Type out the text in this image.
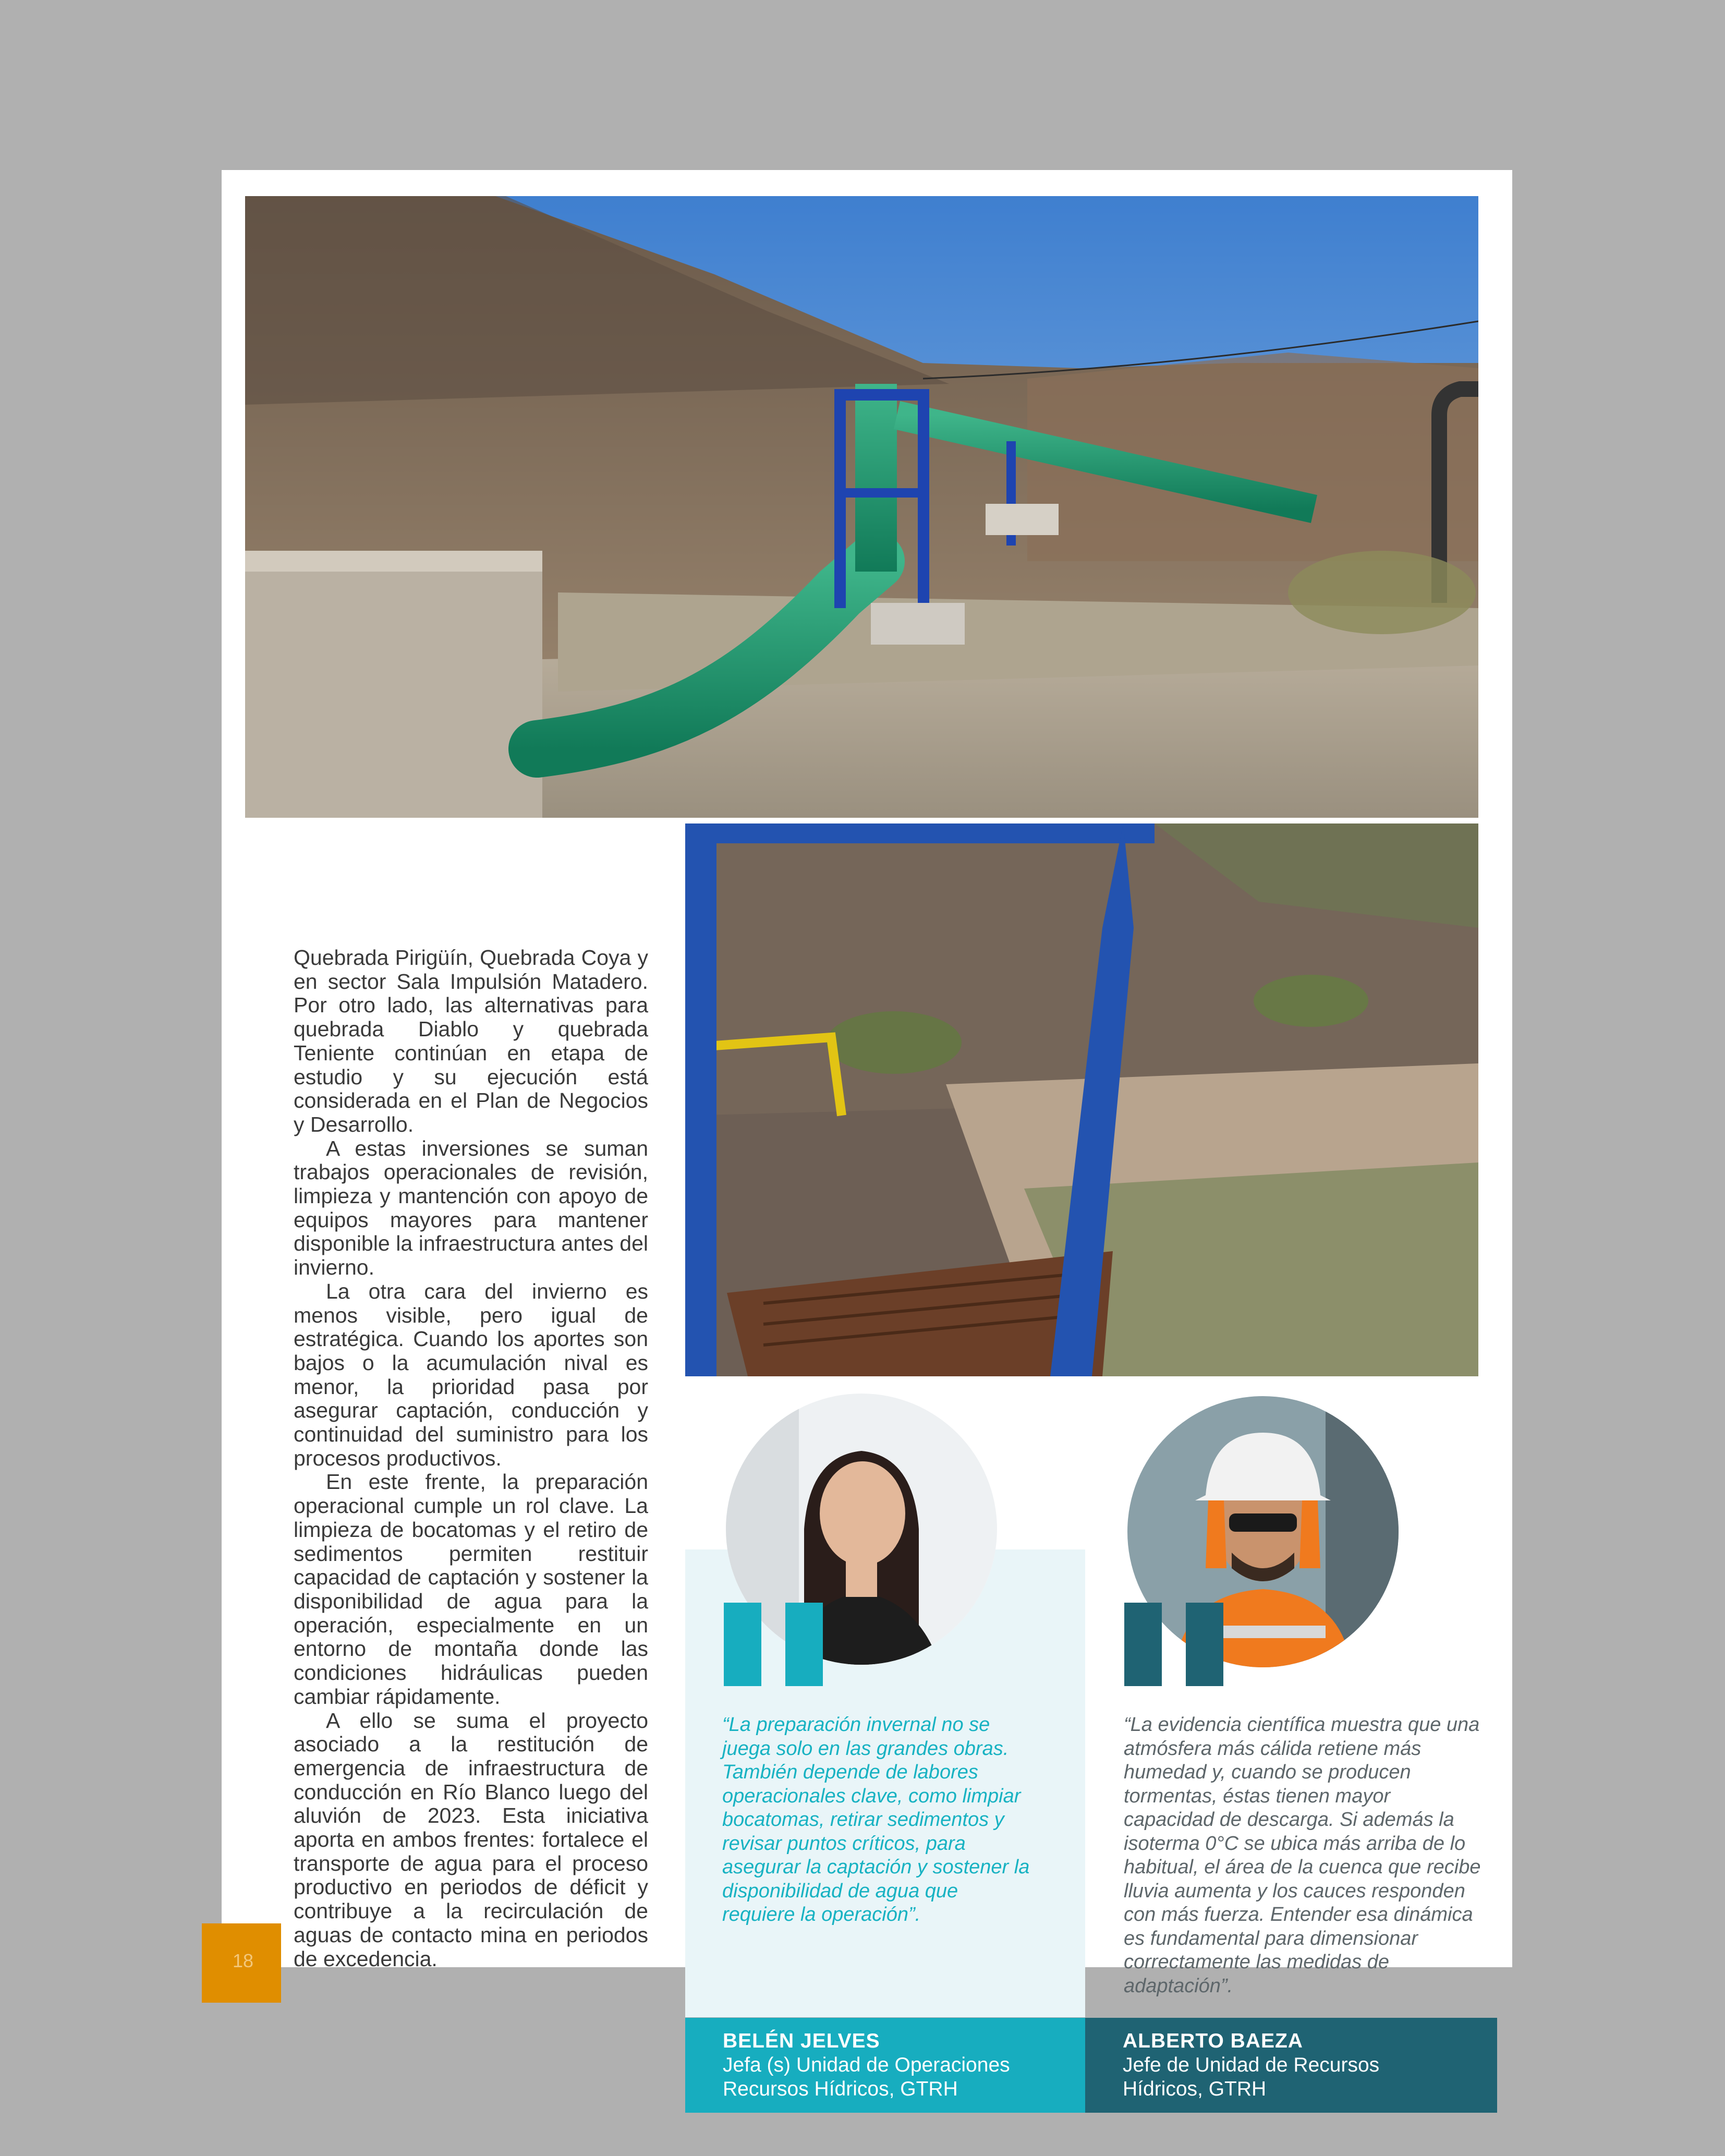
Quebrada Pirigüín, Quebrada Coya y en sector Sala Impulsión Matadero. Por otro lado, las alternativas para quebrada Diablo y quebrada Teniente continúan en etapa de estudio y su ejecución está considerada en el Plan de Negocios y Desarrollo.

A estas inversiones se suman trabajos operacionales de revisión, limpieza y mantención con apoyo de equipos mayores para mantener disponible la infraestructura antes del invierno.

La otra cara del invierno es menos visible, pero igual de estratégica. Cuando los aportes son bajos o la acumulación nival es menor, la prioridad pasa por asegurar captación, conducción y continuidad del suministro para los procesos productivos.

En este frente, la preparación operacional cumple un rol clave. La limpieza de bocatomas y el retiro de sedimentos permiten restituir capacidad de captación y sostener la disponibilidad de agua para la operación, especialmente en un entorno de montaña donde las condiciones hidráulicas pueden cambiar rápidamente.

A ello se suma el proyecto asociado a la restitución de emergencia de infraestructura de conducción en Río Blanco luego del aluvión de 2023. Esta iniciativa aporta en ambos frentes: fortalece el transporte de agua para el proceso productivo en periodos de déficit y contribuye a la recirculación de aguas de contacto mina en periodos de excedencia.

“La preparación invernal no se juega solo en las grandes obras. También depende de labores operacionales clave, como limpiar bocatomas, retirar sedimentos y revisar puntos críticos, para asegurar la captación y sostener la disponibilidad de agua que requiere la operación”.
“La evidencia científica muestra que una atmósfera más cálida retiene más humedad y, cuando se producen tormentas, éstas tienen mayor capacidad de descarga. Si además la isoterma 0°C se ubica más arriba de lo habitual, el área de la cuenca que recibe lluvia aumenta y los cauces responden con más fuerza. Entender esa dinámica es fundamental para dimensionar correctamente las medidas de adaptación”.
BELÉN JELVES
Jefa (s) Unidad de Operaciones
Recursos Hídricos, GTRH
ALBERTO BAEZA
Jefe de Unidad de Recursos
Hídricos, GTRH
18
